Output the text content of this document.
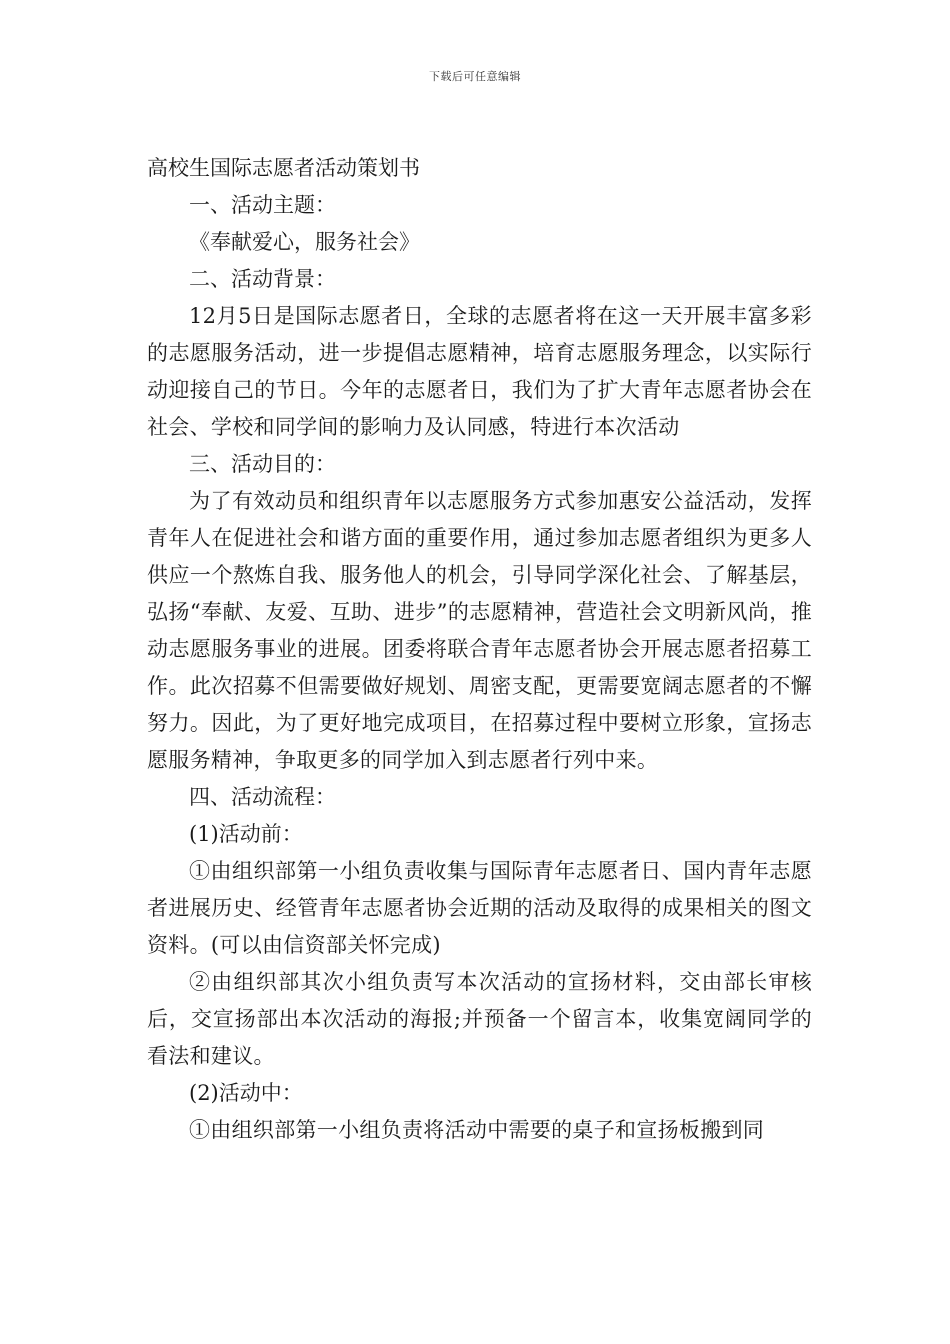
下载后可任意编辑

高校生国际志愿者活动策划书

一、活动主题：

《奉献爱心，服务社会》

二、活动背景：

12月5日是国际志愿者日，全球的志愿者将在这一天开展丰富多彩的志愿服务活动，进一步提倡志愿精神，培育志愿服务理念，以实际行动迎接自己的节日。今年的志愿者日，我们为了扩大青年志愿者协会在社会、学校和同学间的影响力及认同感，特进行本次活动

三、活动目的：

为了有效动员和组织青年以志愿服务方式参加惠安公益活动，发挥青年人在促进社会和谐方面的重要作用，通过参加志愿者组织为更多人供应一个熬炼自我、服务他人的机会，引导同学深化社会、了解基层，弘扬“奉献、友爱、互助、进步”的志愿精神，营造社会文明新风尚，推动志愿服务事业的进展。团委将联合青年志愿者协会开展志愿者招募工作。此次招募不但需要做好规划、周密支配，更需要宽阔志愿者的不懈努力。因此，为了更好地完成项目，在招募过程中要树立形象，宣扬志愿服务精神，争取更多的同学加入到志愿者行列中来。

四、活动流程：

(1)活动前：

①由组织部第一小组负责收集与国际青年志愿者日、国内青年志愿者进展历史、经管青年志愿者协会近期的活动及取得的成果相关的图文资料。(可以由信资部关怀完成)

②由组织部其次小组负责写本次活动的宣扬材料，交由部长审核后，交宣扬部出本次活动的海报;并预备一个留言本，收集宽阔同学的看法和建议。

(2)活动中：

①由组织部第一小组负责将活动中需要的桌子和宣扬板搬到同
